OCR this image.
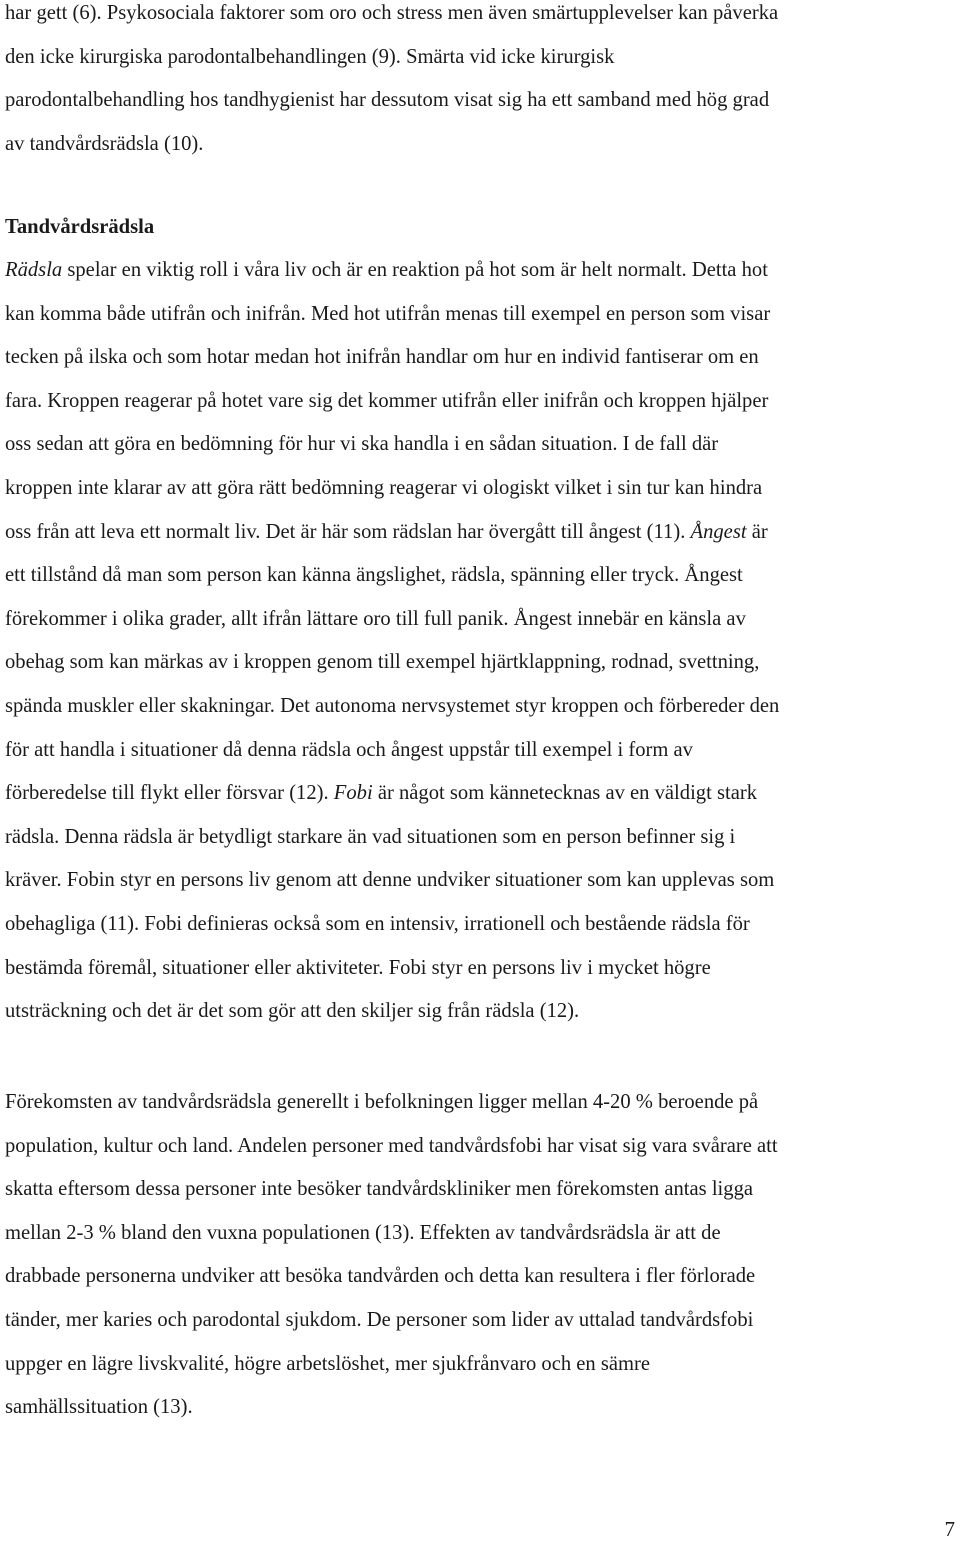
har gett (6). Psykosociala faktorer som oro och stress men även smärtupplevelser kan påverka
den icke kirurgiska parodontalbehandlingen (9). Smärta vid icke kirurgisk
parodontalbehandling hos tandhygienist har dessutom visat sig ha ett samband med hög grad
av tandvårdsrädsla (10).

Tandvårdsrädsla

Rädsla spelar en viktig roll i våra liv och är en reaktion på hot som är helt normalt. Detta hot
kan komma både utifrån och inifrån. Med hot utifrån menas till exempel en person som visar
tecken på ilska och som hotar medan hot inifrån handlar om hur en individ fantiserar om en
fara. Kroppen reagerar på hotet vare sig det kommer utifrån eller inifrån och kroppen hjälper
oss sedan att göra en bedömning för hur vi ska handla i en sådan situation. I de fall där
kroppen inte klarar av att göra rätt bedömning reagerar vi ologiskt vilket i sin tur kan hindra
oss från att leva ett normalt liv. Det är här som rädslan har övergått till ångest (11). Ångest är
ett tillstånd då man som person kan känna ängslighet, rädsla, spänning eller tryck. Ångest
förekommer i olika grader, allt ifrån lättare oro till full panik. Ångest innebär en känsla av
obehag som kan märkas av i kroppen genom till exempel hjärtklappning, rodnad, svettning,
spända muskler eller skakningar. Det autonoma nervsystemet styr kroppen och förbereder den
för att handla i situationer då denna rädsla och ångest uppstår till exempel i form av
förberedelse till flykt eller försvar (12). Fobi är något som kännetecknas av en väldigt stark
rädsla. Denna rädsla är betydligt starkare än vad situationen som en person befinner sig i
kräver. Fobin styr en persons liv genom att denne undviker situationer som kan upplevas som
obehagliga (11). Fobi definieras också som en intensiv, irrationell och bestående rädsla för
bestämda föremål, situationer eller aktiviteter. Fobi styr en persons liv i mycket högre
utsträckning och det är det som gör att den skiljer sig från rädsla (12).

Förekomsten av tandvårdsrädsla generellt i befolkningen ligger mellan 4-20 % beroende på
population, kultur och land. Andelen personer med tandvårdsfobi har visat sig vara svårare att
skatta eftersom dessa personer inte besöker tandvårdskliniker men förekomsten antas ligga
mellan 2-3 % bland den vuxna populationen (13). Effekten av tandvårdsrädsla är att de
drabbade personerna undviker att besöka tandvården och detta kan resultera i fler förlorade
tänder, mer karies och parodontal sjukdom. De personer som lider av uttalad tandvårdsfobi
uppger en lägre livskvalité, högre arbetslöshet, mer sjukfrånvaro och en sämre
samhällssituation (13).

7
